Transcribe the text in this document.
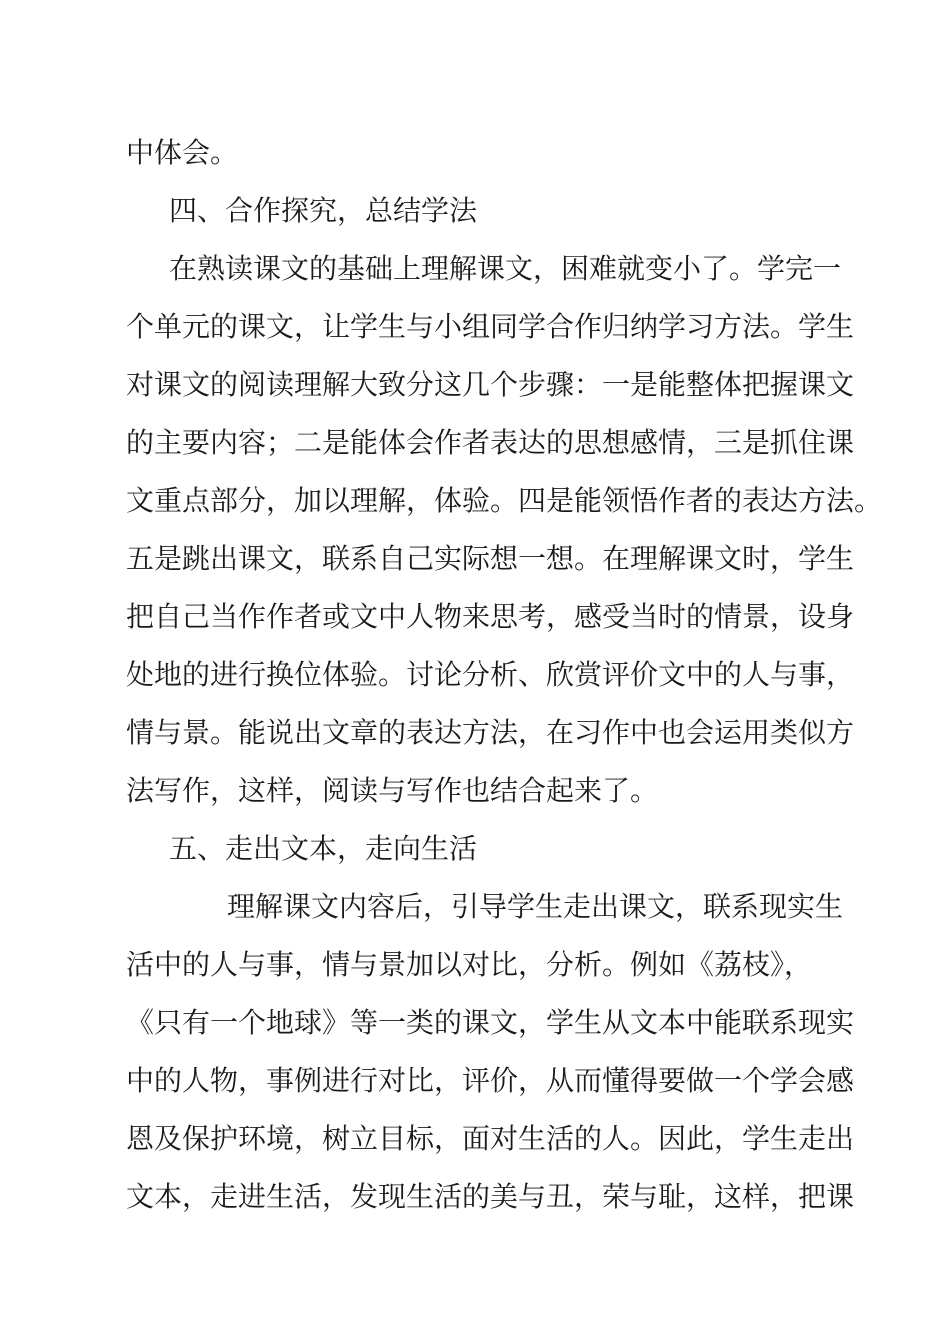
中体会。
四、合作探究，总结学法
在熟读课文的基础上理解课文，困难就变小了。学完一
个单元的课文，让学生与小组同学合作归纳学习方法。学生
对课文的阅读理解大致分这几个步骤：一是能整体把握课文
的主要内容；二是能体会作者表达的思想感情，三是抓住课
文重点部分，加以理解，体验。四是能领悟作者的表达方法。
五是跳出课文，联系自己实际想一想。在理解课文时，学生
把自己当作作者或文中人物来思考，感受当时的情景，设身
处地的进行换位体验。讨论分析、欣赏评价文中的人与事，
情与景。能说出文章的表达方法，在习作中也会运用类似方
法写作，这样，阅读与写作也结合起来了。
五、走出文本，走向生活
理解课文内容后，引导学生走出课文，联系现实生
活中的人与事，情与景加以对比，分析。例如《荔枝》，
《只有一个地球》等一类的课文，学生从文本中能联系现实
中的人物，事例进行对比，评价，从而懂得要做一个学会感
恩及保护环境，树立目标，面对生活的人。因此，学生走出
文本，走进生活，发现生活的美与丑，荣与耻，这样，把课
